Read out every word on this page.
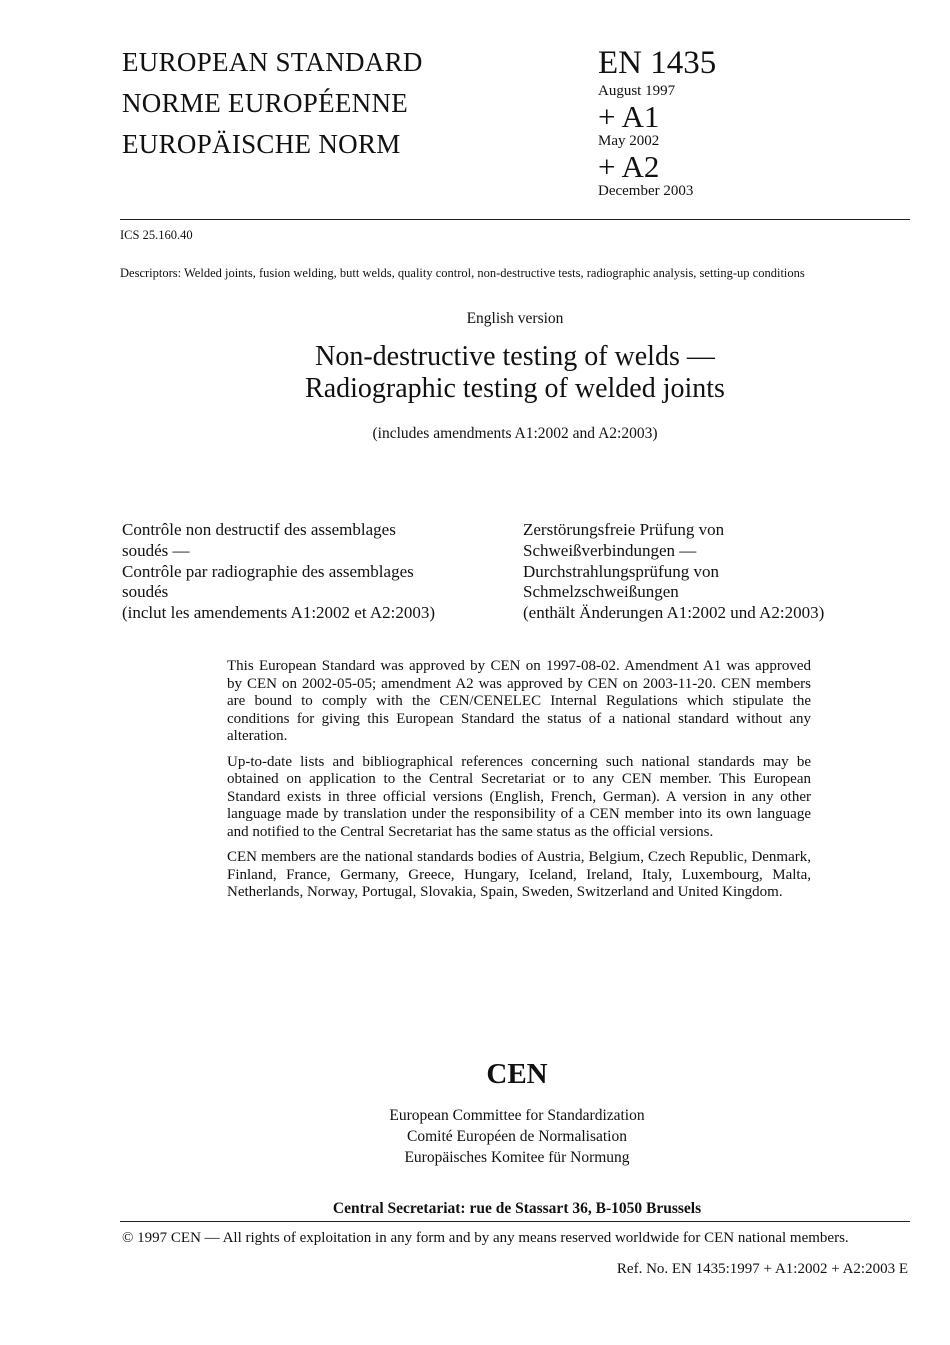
EUROPEAN STANDARD
NORME EUROPÉENNE
EUROPÄISCHE NORM
EN 1435
August 1997
+ A1
May 2002
+ A2
December 2003
ICS 25.160.40
Descriptors: Welded joints, fusion welding, butt welds, quality control, non-destructive tests, radiographic analysis, setting-up conditions
English version
Non-destructive testing of welds —
Radiographic testing of welded joints
(includes amendments A1:2002 and A2:2003)
Contrôle non destructif des assemblages
soudés —
Contrôle par radiographie des assemblages
soudés
(inclut les amendements A1:2002 et A2:2003)
Zerstörungsfreie Prüfung von
Schweißverbindungen —
Durchstrahlungsprüfung von
Schmelzschweißungen
(enthält Änderungen A1:2002 und A2:2003)

This European Standard was approved by CEN on 1997-08-02. Amendment A1 was approved by CEN on 2002-05-05; amendment A2 was approved by CEN on 2003-11-20. CEN members are bound to comply with the CEN/CENELEC Internal Regulations which stipulate the conditions for giving this European Standard the status of a national standard without any alteration.

Up-to-date lists and bibliographical references concerning such national standards may be obtained on application to the Central Secretariat or to any CEN member. This European Standard exists in three official versions (English, French, German). A version in any other language made by translation under the responsibility of a CEN member into its own language and notified to the Central Secretariat has the same status as the official versions.

CEN members are the national standards bodies of Austria, Belgium, Czech Republic, Denmark, Finland, France, Germany, Greece, Hungary, Iceland, Ireland, Italy, Luxembourg, Malta, Netherlands, Norway, Portugal, Slovakia, Spain, Sweden, Switzerland and United Kingdom.

CEN
European Committee for Standardization
Comité Européen de Normalisation
Europäisches Komitee für Normung
Central Secretariat: rue de Stassart 36, B-1050 Brussels
© 1997 CEN — All rights of exploitation in any form and by any means reserved worldwide for CEN national members.
Ref. No. EN 1435:1997 + A1:2002 + A2:2003 E
